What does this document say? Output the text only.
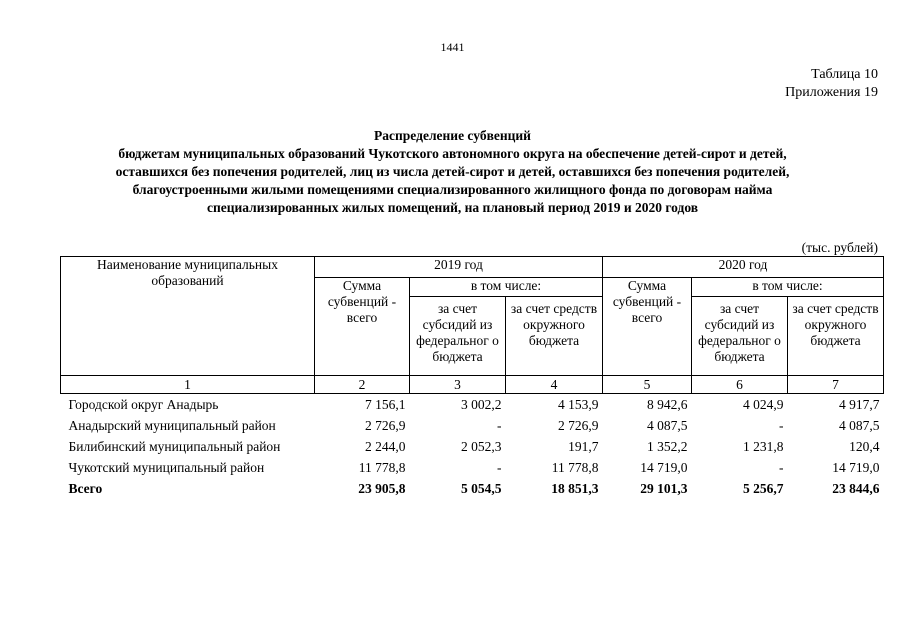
1441
Таблица 10
Приложения 19
Распределение субвенций
бюджетам муниципальных образований Чукотского автономного округа на обеспечение детей-сирот и детей,
оставшихся без попечения родителей, лиц из числа детей-сирот и детей, оставшихся без попечения родителей,
благоустроенными жилыми помещениями специализированного жилищного фонда по договорам найма
специализированных жилых помещений, на плановый период 2019 и 2020 годов
(тыс. рублей)
Наименование муниципальных образований	2019 год			2020 год		
	Сумма субвенций - всего	в том числе:		Сумма субвенций - всего	в том числе:	
		за счет субсидий из федеральног о бюджета	за счет средств окружного бюджета		за счет субсидий из федеральног о бюджета	за счет средств окружного бюджета
1	2	3	4	5	6	7
Городской округ Анадырь	7 156,1	3 002,2	4 153,9	8 942,6	4 024,9	4 917,7
Анадырский муниципальный район	2 726,9	-	2 726,9	4 087,5	-	4 087,5
Билибинский муниципальный район	2 244,0	2 052,3	191,7	1 352,2	1 231,8	120,4
Чукотский муниципальный район	11 778,8	-	11 778,8	14 719,0	-	14 719,0
Всего	23 905,8	5 054,5	18 851,3	29 101,3	5 256,7	23 844,6
